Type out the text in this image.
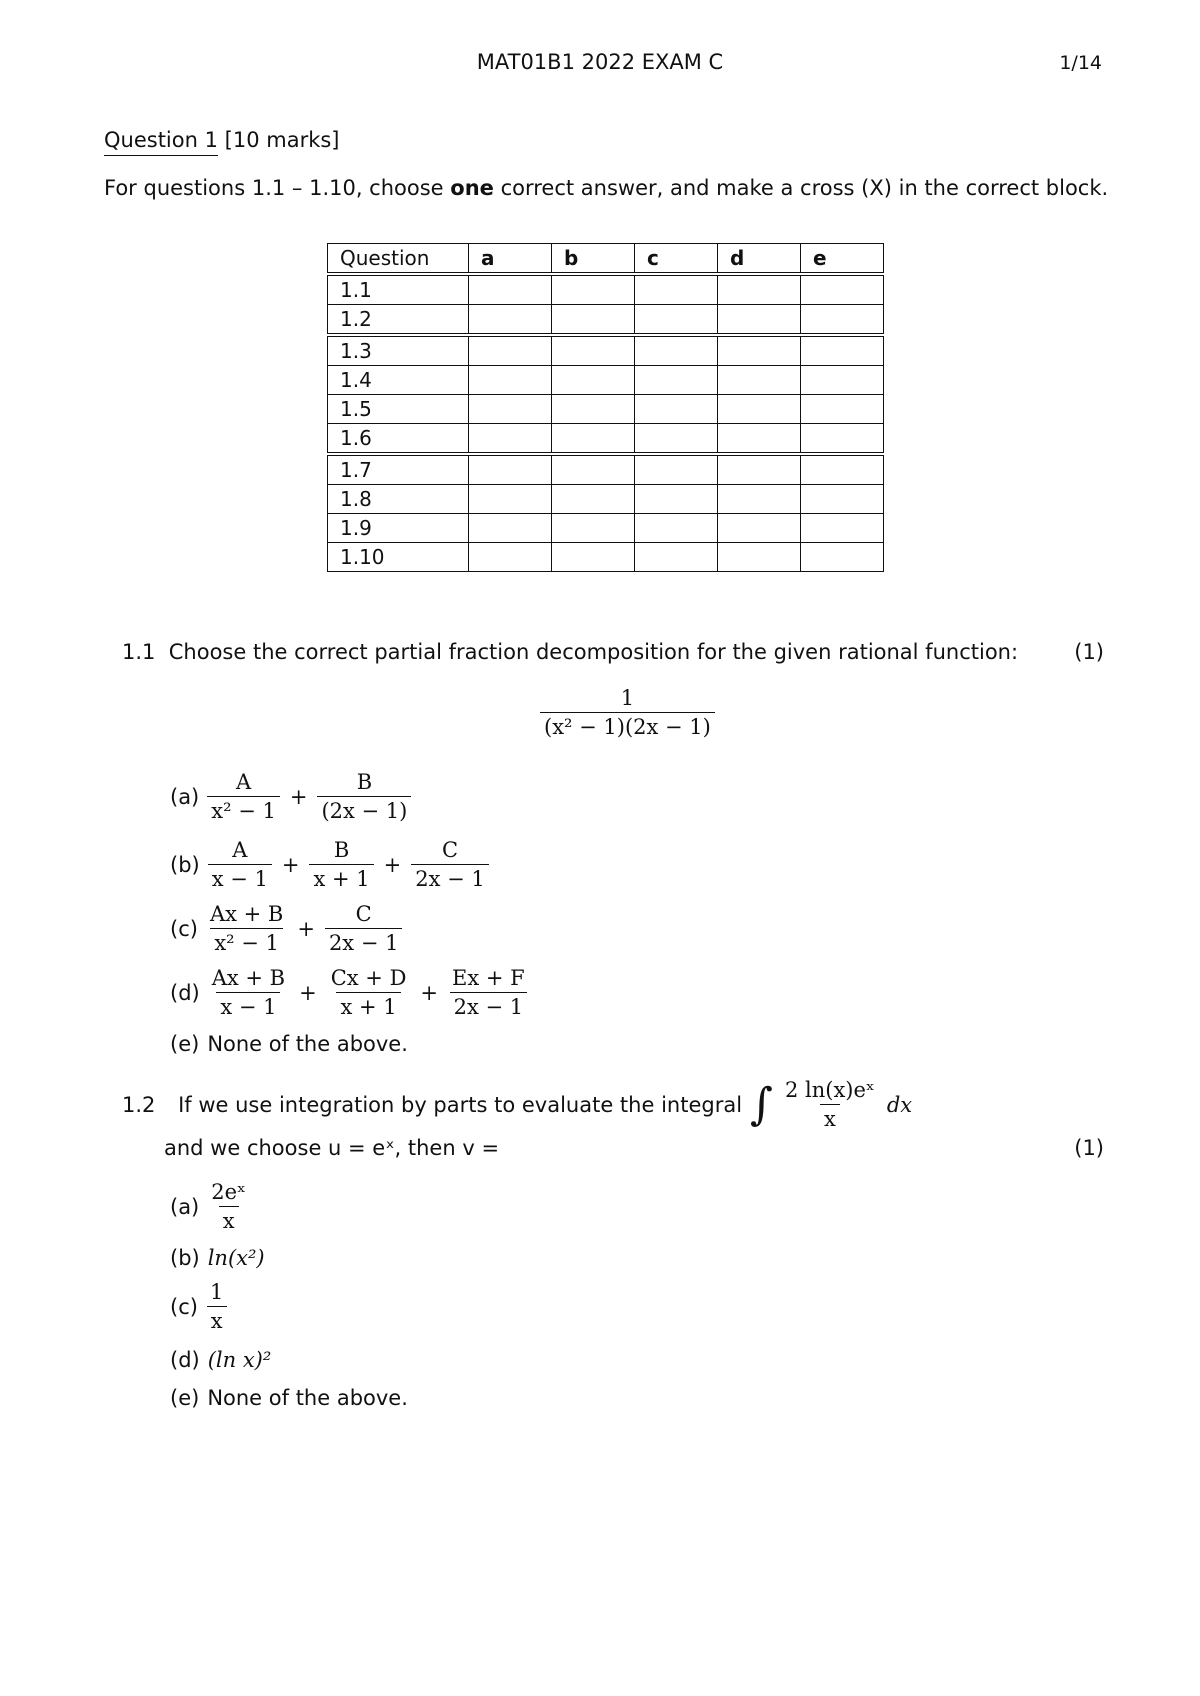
MAT01B1 2022 EXAM C	1/14
Question 1 [10 marks]
For questions 1.1 – 1.10, choose one correct answer, and make a cross (X) in the correct block.
Question	a	b	c	d	e
1.1					
1.2					
1.3					
1.4					
1.5					
1.6					
1.7					
1.8					
1.9					
1.10					
1.1 Choose the correct partial fraction decomposition for the given rational function:	(1)
$\frac{1}{\text{(x² − 1)(2x − 1)}}$
$(a) \frac{A}{\text{x² − 1}} + \frac{B}{(2x - 1)}$
$(b) \frac{A}{x - 1} + \frac{B}{x + 1} + \frac{C}{2x - 1}$
$(c) \frac{Ax + B}{\text{x² − 1}} + \frac{C}{2x - 1}$
$(d) \frac{Ax + B}{x - 1} + \frac{Cx + D}{x + 1} + \frac{Ex + F}{2x - 1}$
(e) None of the above.
1.2
If we use integration by parts to evaluate the integral ∫ $\frac{\text{2 ln(x)eˣ}}{x}$ dx
and we choose u = eˣ, then v =	(1)
$(a) \frac{\text{2eˣ}}{x}$
(b) ln(x²)
$(c) \frac{1}{x}$
(d) (ln x)²
(e) None of the above.
